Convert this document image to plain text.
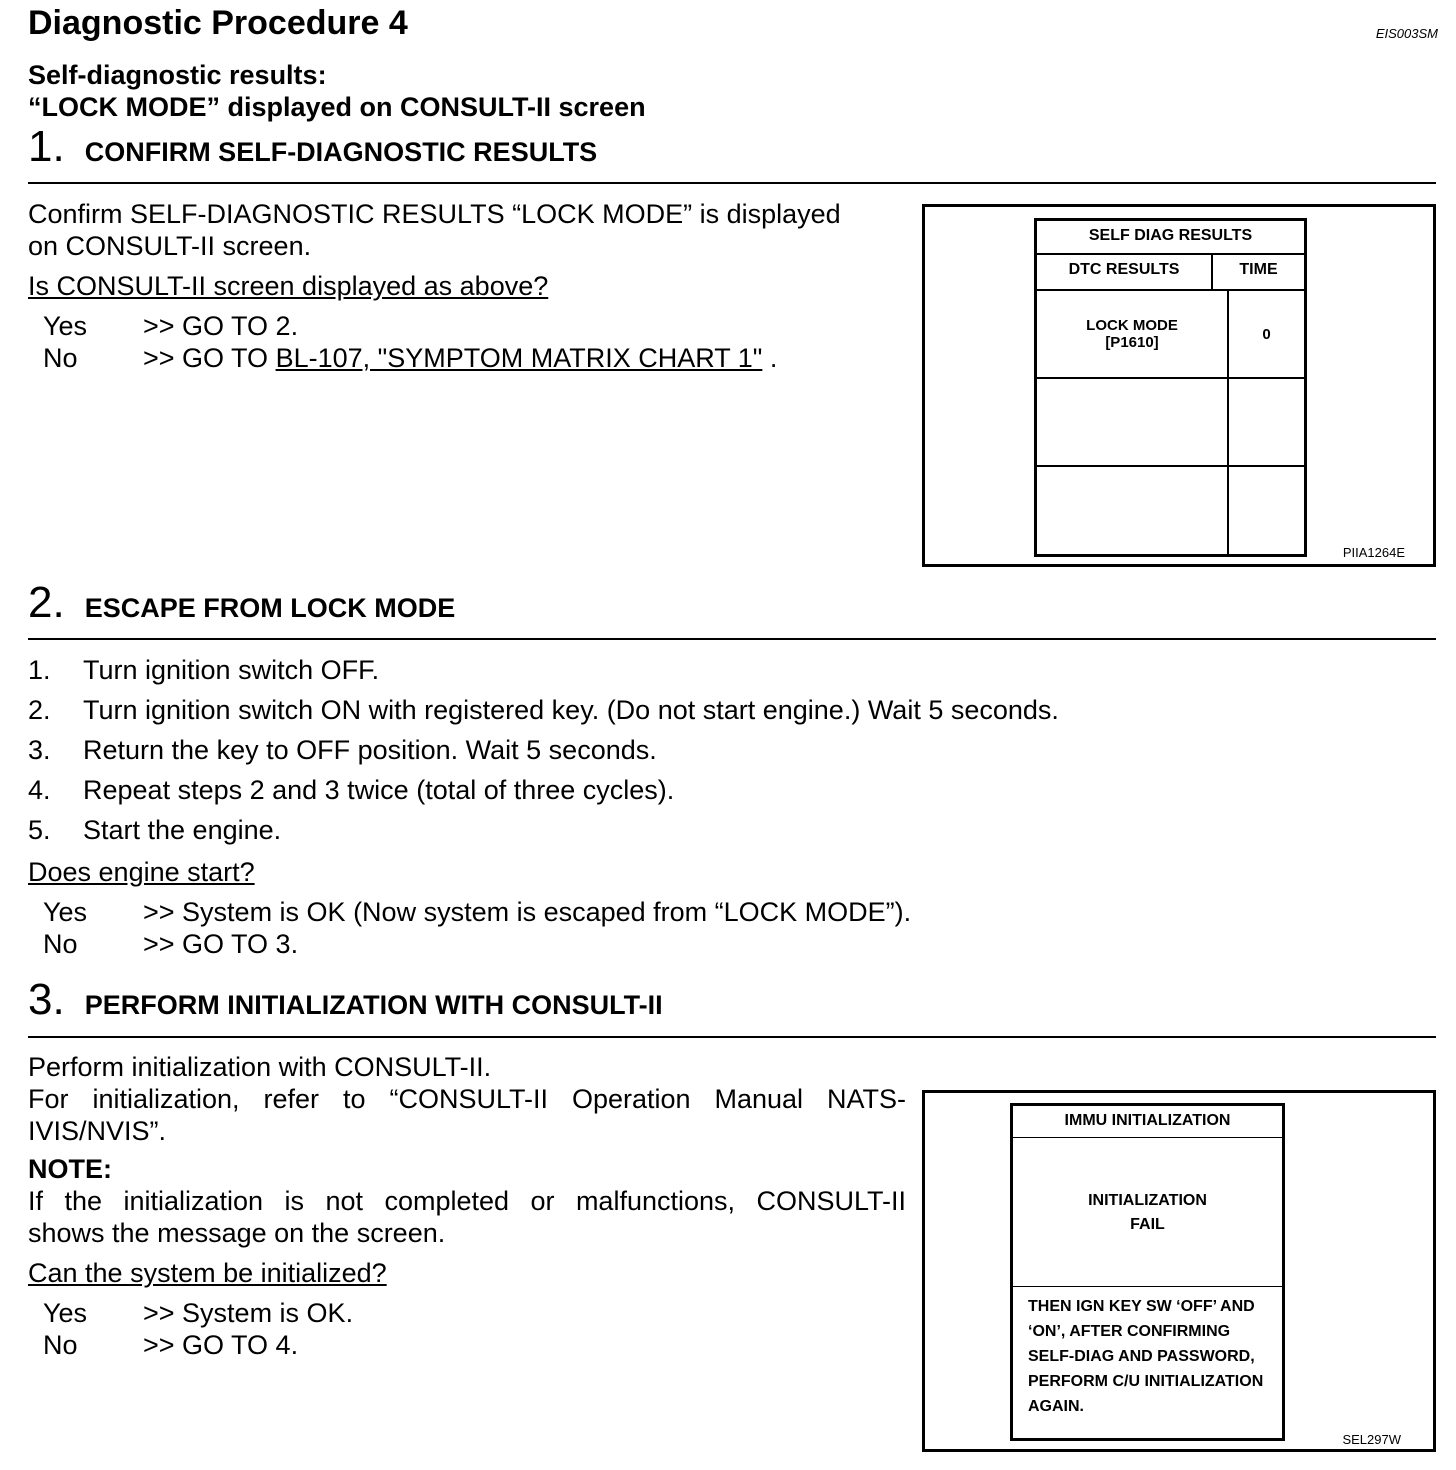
Diagnostic Procedure 4	EIS003SM
Self-diagnostic results:
“LOCK MODE” displayed on CONSULT-II screen
1. CONFIRM SELF-DIAGNOSTIC RESULTS
Confirm SELF-DIAGNOSTIC RESULTS “LOCK MODE” is displayed
on CONSULT-II screen.
Is CONSULT-II screen displayed as above?
Yes	>> GO TO 2.
No	>> GO TO BL-107, "SYMPTOM MATRIX CHART 1" .
SELF DIAG RESULTS
DTC RESULTS	TIME
LOCK MODE
[P1610]	0
PIIA1264E
2. ESCAPE FROM LOCK MODE
1.	Turn ignition switch OFF.
2.	Turn ignition switch ON with registered key. (Do not start engine.) Wait 5 seconds.
3.	Return the key to OFF position. Wait 5 seconds.
4.	Repeat steps 2 and 3 twice (total of three cycles).
5.	Start the engine.
Does engine start?
Yes	>> System is OK (Now system is escaped from “LOCK MODE”).
No	>> GO TO 3.
3. PERFORM INITIALIZATION WITH CONSULT-II
Perform initialization with CONSULT-II.
For initialization, refer to “CONSULT-II Operation Manual NATS-
IVIS/NVIS”.
NOTE:
If the initialization is not completed or malfunctions, CONSULT-II
shows the message on the screen.
Can the system be initialized?
Yes	>> System is OK.
No	>> GO TO 4.
IMMU INITIALIZATION
INITIALIZATION
FAIL
THEN IGN KEY SW ‘OFF’ AND
‘ON’, AFTER CONFIRMING
SELF-DIAG AND PASSWORD,
PERFORM C/U INITIALIZATION
AGAIN.
SEL297W
